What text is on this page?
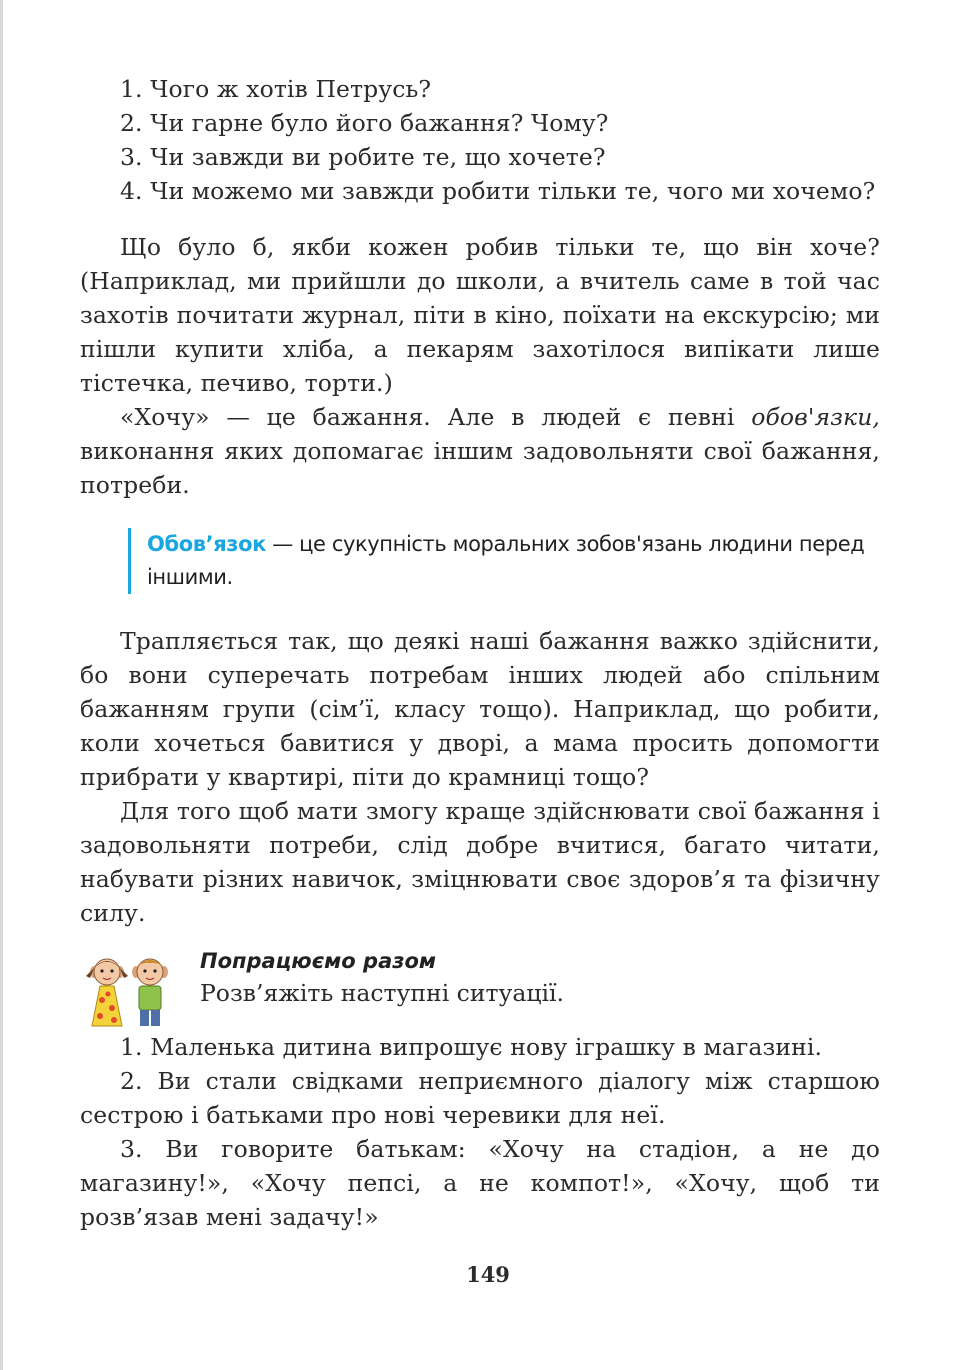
1. Чого ж хотів Петрусь?

2. Чи гарне було його бажання? Чому?

3. Чи завжди ви робите те, що хочете?

4. Чи можемо ми завжди робити тільки те, чого ми хочемо?

Що було б, якби кожен робив тільки те, що він хоче? (Наприклад, ми прийшли до школи, а вчитель саме в той час захотів почитати журнал, піти в кіно, поїхати на екскурсію; ми пішли купити хліба, а пекарям захотілося випікати лише тістечка, печиво, торти.)

«Хочу» — це бажання. Але в людей є певні обов'язки, виконання яких допомагає іншим задовольняти свої бажання, потреби.

Обов’язок — це сукупність моральних зобов'язань людини перед іншими.

Трапляється так, що деякі наші бажання важко здійснити, бо вони суперечать потребам інших людей або спільним бажанням групи (сім’ї, класу тощо). Наприклад, що робити, коли хочеться бавитися у дворі, а мама просить допомогти прибрати у квартирі, піти до крамниці тощо?

Для того щоб мати змогу краще здійснювати свої бажання і задовольняти потреби, слід добре вчитися, багато читати, набувати різних навичок, зміцнювати своє здоров’я та фізичну силу.

Попрацюємо разом
Розв’яжіть наступні ситуації.

1. Маленька дитина випрошує нову іграшку в магазині.

2. Ви стали свідками неприємного діалогу між старшою сестрою і батьками про нові черевики для неї.

3. Ви говорите батькам: «Хочу на стадіон, а не до магазину!», «Хочу пепсі, а не компот!», «Хочу, щоб ти розв’язав мені задачу!»

149
